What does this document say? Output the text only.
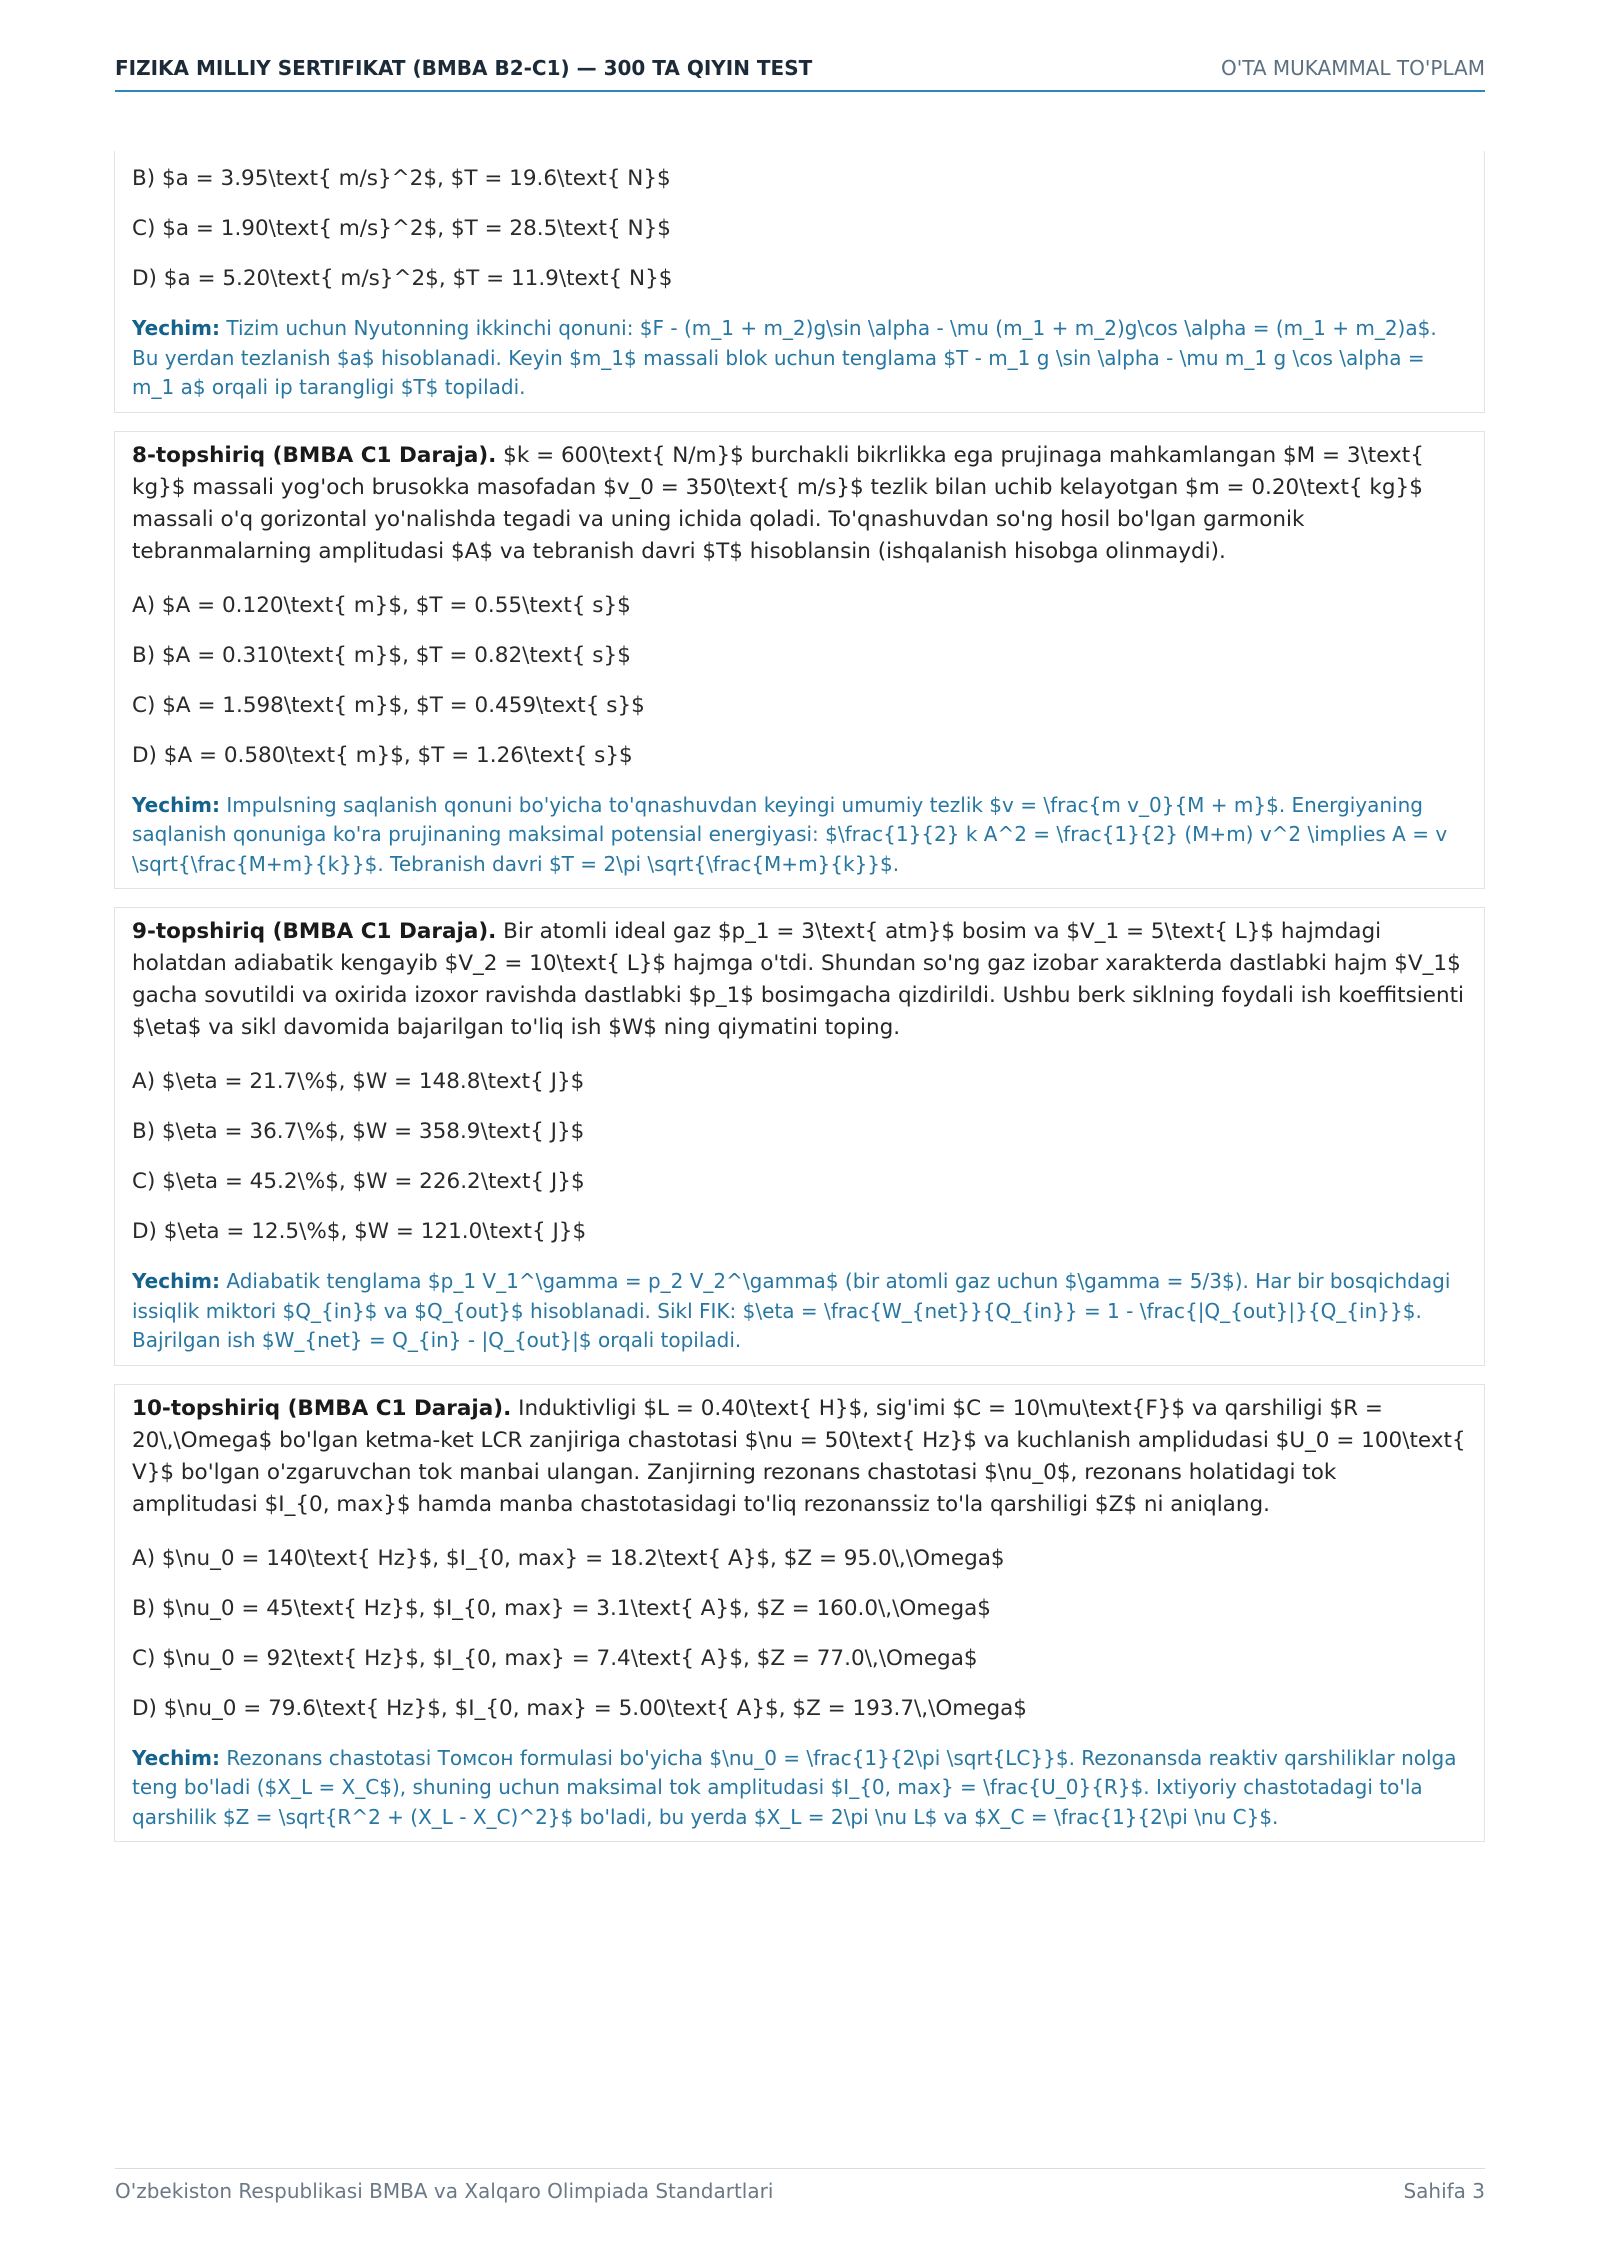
FIZIKA MILLIY SERTIFIKAT (BMBA B2-C1) — 300 TA QIYIN TEST	O'TA MUKAMMAL TO'PLAM

B) $a = 3.95\text{ m/s}^2$, $T = 19.6\text{ N}$

C) $a = 1.90\text{ m/s}^2$, $T = 28.5\text{ N}$

D) $a = 5.20\text{ m/s}^2$, $T = 11.9\text{ N}$

Yechim: Tizim uchun Nyutonning ikkinchi qonuni: $F - (m_1 + m_2)g\sin \alpha - \mu (m_1 + m_2)g\cos \alpha = (m_1 + m_2)a$. Bu yerdan tezlanish $a$ hisoblanadi. Keyin $m_1$ massali blok uchun tenglama $T - m_1 g \sin \alpha - \mu m_1 g \cos \alpha = m_1 a$ orqali ip tarangligi $T$ topiladi.

8-topshiriq (BMBA C1 Daraja). $k = 600\text{ N/m}$ burchakli bikrlikka ega prujinaga mahkamlangan $M = 3\text{ kg}$ massali yog'och brusokka masofadan $v_0 = 350\text{ m/s}$ tezlik bilan uchib kelayotgan $m = 0.20\text{ kg}$ massali o'q gorizontal yo'nalishda tegadi va uning ichida qoladi. To'qnashuvdan so'ng hosil bo'lgan garmonik tebranmalarning amplitudasi $A$ va tebranish davri $T$ hisoblansin (ishqalanish hisobga olinmaydi).

A) $A = 0.120\text{ m}$, $T = 0.55\text{ s}$

B) $A = 0.310\text{ m}$, $T = 0.82\text{ s}$

C) $A = 1.598\text{ m}$, $T = 0.459\text{ s}$

D) $A = 0.580\text{ m}$, $T = 1.26\text{ s}$

Yechim: Impulsning saqlanish qonuni bo'yicha to'qnashuvdan keyingi umumiy tezlik $v = \frac{m v_0}{M + m}$. Energiyaning saqlanish qonuniga ko'ra prujinaning maksimal potensial energiyasi: $\frac{1}{2} k A^2 = \frac{1}{2} (M+m) v^2 \implies A = v \sqrt{\frac{M+m}{k}}$. Tebranish davri $T = 2\pi \sqrt{\frac{M+m}{k}}$.

9-topshiriq (BMBA C1 Daraja). Bir atomli ideal gaz $p_1 = 3\text{ atm}$ bosim va $V_1 = 5\text{ L}$ hajmdagi holatdan adiabatik kengayib $V_2 = 10\text{ L}$ hajmga o'tdi. Shundan so'ng gaz izobar xarakterda dastlabki hajm $V_1$ gacha sovutildi va oxirida izoxor ravishda dastlabki $p_1$ bosimgacha qizdirildi. Ushbu berk siklning foydali ish koeffitsienti $\eta$ va sikl davomida bajarilgan to'liq ish $W$ ning qiymatini toping.

A) $\eta = 21.7\%$, $W = 148.8\text{ J}$

B) $\eta = 36.7\%$, $W = 358.9\text{ J}$

C) $\eta = 45.2\%$, $W = 226.2\text{ J}$

D) $\eta = 12.5\%$, $W = 121.0\text{ J}$

Yechim: Adiabatik tenglama $p_1 V_1^\gamma = p_2 V_2^\gamma$ (bir atomli gaz uchun $\gamma = 5/3$). Har bir bosqichdagi issiqlik miktori $Q_{in}$ va $Q_{out}$ hisoblanadi. Sikl FIK: $\eta = \frac{W_{net}}{Q_{in}} = 1 - \frac{|Q_{out}|}{Q_{in}}$. Bajrilgan ish $W_{net} = Q_{in} - |Q_{out}|$ orqali topiladi.

10-topshiriq (BMBA C1 Daraja). Induktivligi $L = 0.40\text{ H}$, sig'imi $C = 10\mu\text{F}$ va qarshiligi $R = 20\,\Omega$ bo'lgan ketma-ket LCR zanjiriga chastotasi $\nu = 50\text{ Hz}$ va kuchlanish amplidudasi $U_0 = 100\text{ V}$ bo'lgan o'zgaruvchan tok manbai ulangan. Zanjirning rezonans chastotasi $\nu_0$, rezonans holatidagi tok amplitudasi $I_{0, max}$ hamda manba chastotasidagi to'liq rezonanssiz to'la qarshiligi $Z$ ni aniqlang.

A) $\nu_0 = 140\text{ Hz}$, $I_{0, max} = 18.2\text{ A}$, $Z = 95.0\,\Omega$

B) $\nu_0 = 45\text{ Hz}$, $I_{0, max} = 3.1\text{ A}$, $Z = 160.0\,\Omega$

C) $\nu_0 = 92\text{ Hz}$, $I_{0, max} = 7.4\text{ A}$, $Z = 77.0\,\Omega$

D) $\nu_0 = 79.6\text{ Hz}$, $I_{0, max} = 5.00\text{ A}$, $Z = 193.7\,\Omega$

Yechim: Rezonans chastotasi Томсон formulasi bo'yicha $\nu_0 = \frac{1}{2\pi \sqrt{LC}}$. Rezonansda reaktiv qarshiliklar nolga teng bo'ladi ($X_L = X_C$), shuning uchun maksimal tok amplitudasi $I_{0, max} = \frac{U_0}{R}$. Ixtiyoriy chastotadagi to'la qarshilik $Z = \sqrt{R^2 + (X_L - X_C)^2}$ bo'ladi, bu yerda $X_L = 2\pi \nu L$ va $X_C = \frac{1}{2\pi \nu C}$.

O'zbekiston Respublikasi BMBA va Xalqaro Olimpiada Standartlari	Sahifa 3
